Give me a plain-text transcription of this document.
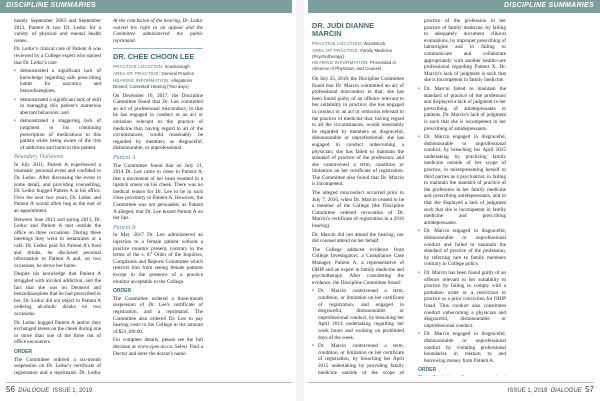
DISCIPLINE SUMMARIES	DISCIPLINE SUMMARIES

mately September 2003 and September 2013, Patient A saw Dr. Leduc for a variety of physical and mental health issues.

Dr. Leduc's clinical care of Patient A was reviewed by a College expert who opined that Dr. Leduc's care

• demonstrated a significant lack of knowledge regarding safe prescribing habits for narcotics and benzodiazepines;
• demonstrated a significant lack of skill in managing this patient's numerous aberrant behaviors; and
• demonstrated a staggering lack of judgment in his continuing prescription of medications to this patient while being aware of the risk of addiction and harm to this patient.
Boundary Violations

In July 2011, Patient A experienced a traumatic personal event and confided in Dr. Leduc. After discussing the event in some detail, and providing counselling, Dr. Leduc hugged Patient A in his office. Over the next two years, Dr. Leduc and Patient A would often hug at the end of an appointment.

Between June 2012 and spring 2013, Dr. Leduc and Patient A met outside the office on three occasions. During these meetings they went to restaurants or a café. Dr. Leduc paid for Patient A's food and drinks, he disclosed personal information to Patient A and, on two occasions, he drove her home.

Despite his knowledge that Patient A struggled with alcohol addiction, and the fact that she was on Demerol and benzodiazepines that he had prescribed to her, Dr. Leduc did not object to Patient A ordering alcoholic drinks on two occasions.

Dr. Leduc hugged Patient A and/or they exchanged kisses on the cheek during one or more than one of the three out of office encounters.

ORDER

The Committee ordered a six-month suspension on Dr. Leduc's certificate of registration and a reprimand. Dr. Leduc

At the conclusion of the hearing, Dr. Leduc waived his right to an appeal and the Committee administered the public reprimand.

DR. CHEE CHOON LEE
PRACTICE LOCATION: Scarborough
AREA OF PRACTICE: General Practice
HEARING INFORMATION: Allegations Denied; Contested Hearing (Two days)

On December 16, 2017, the Discipline Committee found that Dr. Lee committed an act of professional misconduct, in that he has engaged in conduct or an act or omission relevant to the practice of medicine that, having regard to all of the circumstances, would reasonably be regarded by members as disgraceful, dishonourable, or unprofessional.

Patient A

The Committee found that on July 21, 2014 Dr. Lee came to close to Patient A, that a movement of her head resulted in a lipstick smear on his cheek. There was no medical reason for Dr. Lee to be in such close proximity to Patient A. However, the Committee was not persuaded, as Patient A alleged, that Dr. Lee kissed Patient A on her lips.

Patient B

In May 2017 Dr. Lee administered an injection to a female patient without a practice monitor present, contrary to the terms of the s. 87 Order of the Inquiries, Complaints and Reports Committee which restricts him from seeing female patients except in the presence of a practice monitor acceptable to the College.

ORDER

The Committee ordered a three-month suspension of Dr. Lee's certificate of registration, and a reprimand. The Committee also ordered Dr. Lee to pay hearing costs to the College in the amount of $21,180.00.

For complete details, please see the full decision at www.cpso.on.ca. Select Find a Doctor and enter the doctor's name.

DR. JUDI DIANNE MARCIN
PRACTICE LOCATION: Woodstock
AREA OF PRACTICE: Family Medicine (Psychotherapy)
HEARING INFORMATION: Proceeded in Absence of Physician, and Counsel

On July 25, 2018, the Discipline Committee found that Dr. Marcin committed an act of professional misconduct in that: she has been found guilty of an offence relevant to her suitability to practice; she has engaged in conduct or an act or omission relevant to the practice of medicine that, having regard to all the circumstances, would reasonably be regarded by members as disgraceful, dishonourable or unprofessional; she has engaged in conduct unbecoming a physician; she has failed to maintain the standard of practice of the profession; and she contravened a term, condition or limitation on her certificate of registration. The Committee also found that Dr. Marcin is incompetent.

The alleged misconduct occurred prior to July 7, 2016, when Dr. Marcin ceased to be a member of the College (the Discipline Committee ordered revocation of Dr. Marcin's certificate of registration in a 2016 hearing).

Dr. Marcin did not attend the hearing, nor did counsel attend on her behalf.

The College adduced evidence from College Investigators, a Compliance Case Manager, Patient A, a representative of OHIP and an expert in family medicine and psychotherapy. After considering the evidence, the Discipline Committee found:

• Dr. Marcin contravened a term, condition, or limitation on her certificate of registration, and engaged in disgraceful, dishonourable or unprofessional conduct, by breaching her April 2014 undertaking regarding her work hours and working on prohibited days of the week.
• Dr. Marcin contravened a term, condition, or limitation on her certificate of registration, by breaching her April 2015 undertaking by providing family medicine outside of the scope of

practice of the profession in her practice of family medicine, by failing to adequately document clinical evaluations, by improper prescribing of lamotrigine and in failing to communicate and collaborate appropriately with another health-care professional regarding Patient X. Dr. Marcin's lack of judgment is such that she is incompetent in family medicine.

• Dr. Marcin failed to maintain the standard of practice of the profession and displayed a lack of judgment in her prescribing of antidepressants to patients. Dr. Marcin's lack of judgment is such that she is incompetent in her prescribing of antidepressants.
• Dr. Marcin engaged in disgraceful, dishonourable or unprofessional conduct, by breaching her April 2015 undertaking by practicing family medicine outside of her scope of practice, in misrepresenting herself to third parties as a psychiatrist, in failing to maintain the standard of practice of the profession in her family medicine and prescribing antidepressants, and in that she displayed a lack of judgment such that she is incompetent in family medicine and prescribing antidepressants.
• Dr. Marcin engaged in disgraceful, dishonourable or unprofessional conduct and failed to maintain the standard of practice of the profession, by referring care to family members contrary to College policy.
• Dr. Marcin has been found guilty of an offence relevant to her suitability to practice by failing to comply with a probation order or a restriction to practice or a prior conviction for OHIP fraud. This conduct also constitutes conduct unbecoming a physician and disgraceful, dishonourable or unprofessional conduct.
• Dr. Marcin engaged in disgraceful, dishonourable or unprofessional conduct by violating professional boundaries in relation to and borrowing money from Patient A.
ORDER

56 DIALOGUE ISSUE 1, 2019	ISSUE 1, 2019 DIALOGUE 57
